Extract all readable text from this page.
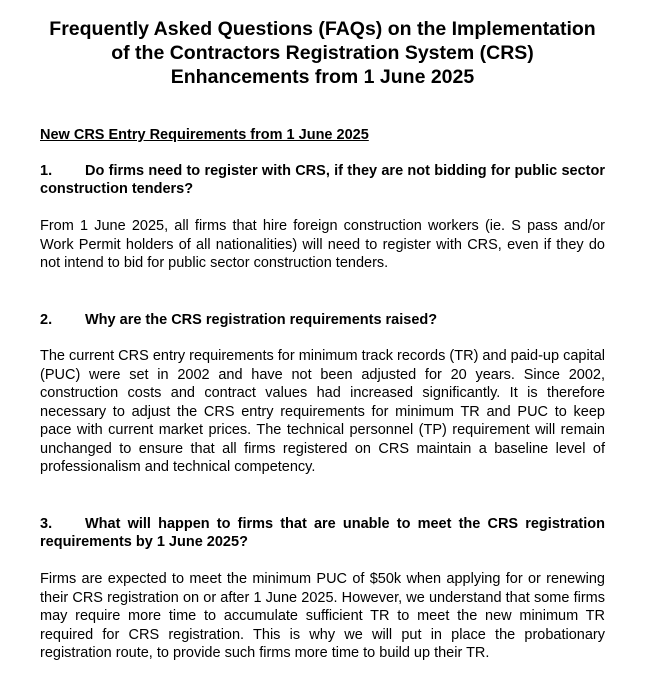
Frequently Asked Questions (FAQs) on the Implementation
of the Contractors Registration System (CRS)
Enhancements from 1 June 2025
New CRS Entry Requirements from 1 June 2025
1. Do firms need to register with CRS, if they are not bidding for public sector construction tenders?
From 1 June 2025, all firms that hire foreign construction workers (ie. S pass and/or Work Permit holders of all nationalities) will need to register with CRS, even if they do not intend to bid for public sector construction tenders.
2. Why are the CRS registration requirements raised?
The current CRS entry requirements for minimum track records (TR) and paid-up capital (PUC) were set in 2002 and have not been adjusted for 20 years. Since 2002, construction costs and contract values had increased significantly. It is therefore necessary to adjust the CRS entry requirements for minimum TR and PUC to keep pace with current market prices. The technical personnel (TP) requirement will remain unchanged to ensure that all firms registered on CRS maintain a baseline level of professionalism and technical competency.
3. What will happen to firms that are unable to meet the CRS registration requirements by 1 June 2025?
Firms are expected to meet the minimum PUC of $50k when applying for or renewing their CRS registration on or after 1 June 2025. However, we understand that some firms may require more time to accumulate sufficient TR to meet the new minimum TR required for CRS registration. This is why we will put in place the probationary registration route, to provide such firms more time to build up their TR.
